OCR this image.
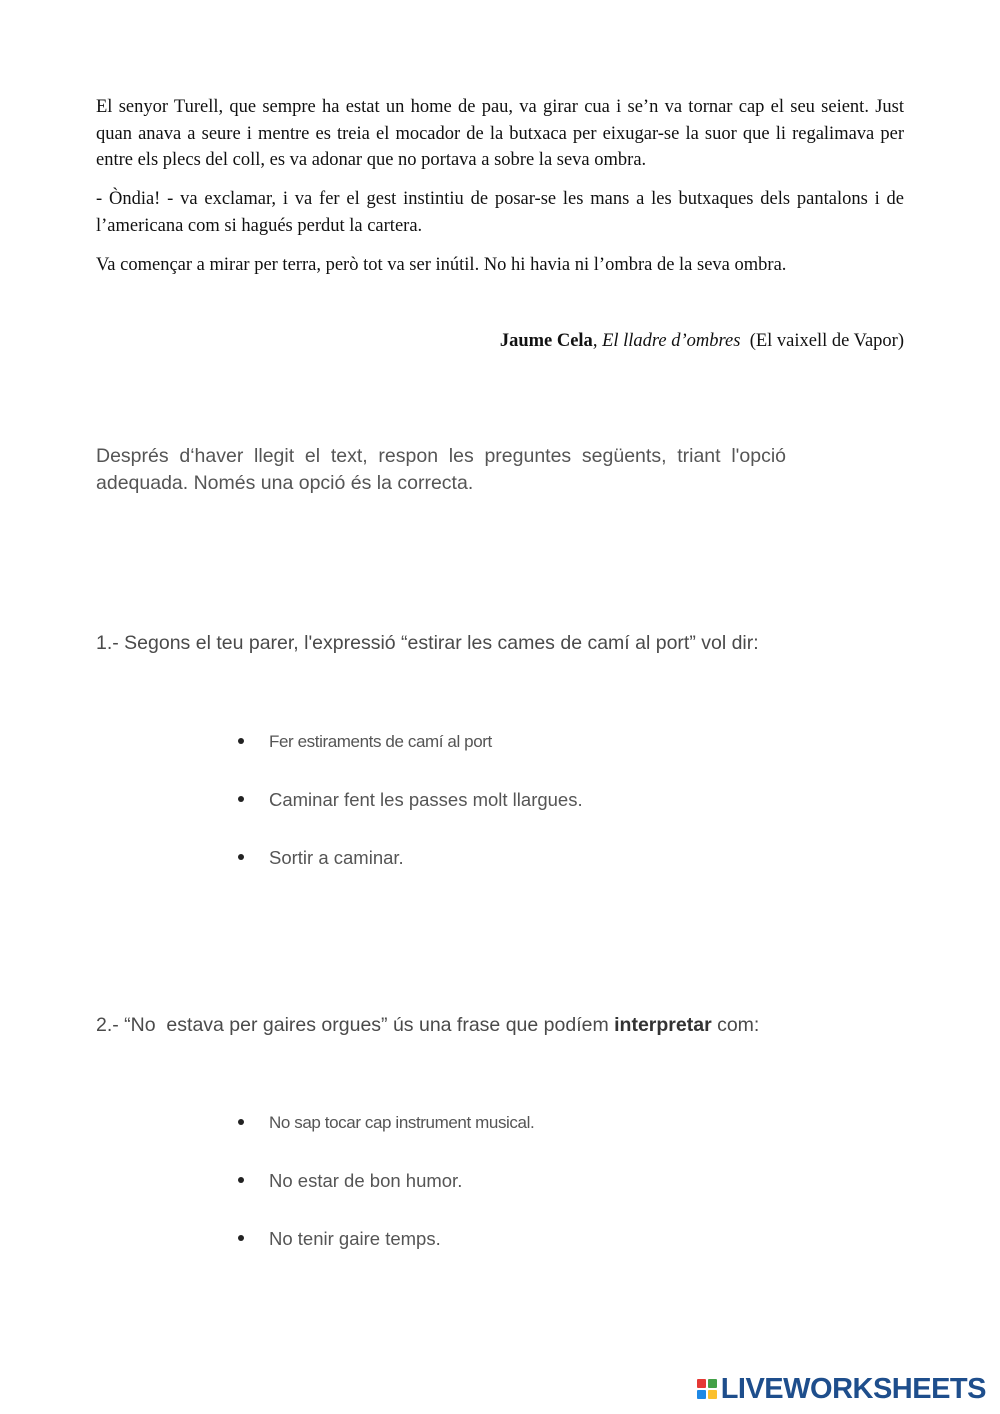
El senyor Turell, que sempre ha estat un home de pau, va girar cua i se’n va tornar cap el seu seient. Just quan anava a seure i mentre es treia el mocador de la butxaca per eixugar-se la suor que li regalimava per entre els plecs del coll, es va adonar que no portava a sobre la seva ombra.

- Òndia! - va exclamar, i va fer el gest instintiu de posar-se les mans a les butxaques dels pantalons i de l’americana com si hagués perdut la cartera.

Va començar a mirar per terra, però tot va ser inútil. No hi havia ni l’ombra de la seva ombra.

Jaume Cela, El lladre d’ombres (El vaixell de Vapor)

Després d‘haver llegit el text, respon les preguntes següents, triant l'opció adequada. Només una opció és la correcta.

1.- Segons el teu parer, l'expressió “estirar les cames de camí al port” vol dir:

Fer estiraments de camí al port
Caminar fent les passes molt llargues.
Sortir a caminar.

2.- “No  estava per gaires orgues” ús una frase que podíem interpretar com:

No sap tocar cap instrument musical.
No estar de bon humor.
No tenir gaire temps.
LIVEWORKSHEETS
